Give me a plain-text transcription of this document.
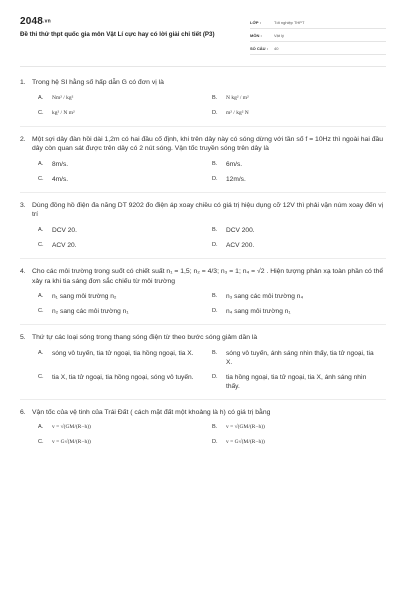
2048.vn
Đề thi thử thpt quốc gia môn Vật Lí cực hay có lời giải chi tiết (P3)
LỚP :	Tốt nghiệp THPT
MÔN :	Vật lý
SỐ CÂU :	40
1. Trong hệ SI hằng số hấp dẫn G có đơn vị là
A.	Nm² / kg²	B.	N kg² / m²
C.	kg² / N m²	D.	m² / kg² N
2. Một sợi dây đàn hồi dài 1,2m có hai đầu cố định, khi trên dây này có sóng dừng với tần số f = 10Hz thì ngoài hai đầu dây còn quan sát được trên dây có 2 nút sóng. Vận tốc truyền sóng trên dây là
A.	8m/s.	B.	6m/s.
C.	4m/s.	D.	12m/s.
3. Dùng đồng hồ điện đa năng DT 9202 đo điện áp xoay chiều có giá trị hiệu dụng cỡ 12V thì phải vặn núm xoay đến vị trí
A.	DCV 20.	B.	DCV 200.
C.	ACV 20.	D.	ACV 200.
4. Cho các môi trường trong suốt có chiết suất n₁ = 1,5; n₂ = 4/3; n₃ = 1; n₄ = √2 . Hiện tượng phản xạ toàn phần có thể xảy ra khi tia sáng đơn sắc chiếu từ môi trường
A.	n₁ sang môi trường n₂	B.	n₃ sang các môi trường n₄
C.	n₂ sang các môi trường n₁	D.	n₄ sang môi trường n₁
5. Thứ tự các loại sóng trong thang sóng điện từ theo bước sóng giảm dần là
A.	sóng vô tuyến, tia tử ngoại, tia hồng ngoại, tia X.	B.	sóng vô tuyến, ánh sáng nhìn thấy, tia tử ngoại, tia X.
C.	tia X, tia tử ngoại, tia hồng ngoại, sóng vô tuyến.	D.	tia hồng ngoại, tia tử ngoại, tia X, ánh sáng nhìn thấy.
6. Vận tốc của vệ tinh của Trái Đất ( cách mặt đất một khoảng là h) có giá trị bằng
A.	v = √(GM/(R−h))	B.	v = √(GM/(R−h))
C.	v = G√(M/(R−h))	D.	v = G√(M/(R−h))
